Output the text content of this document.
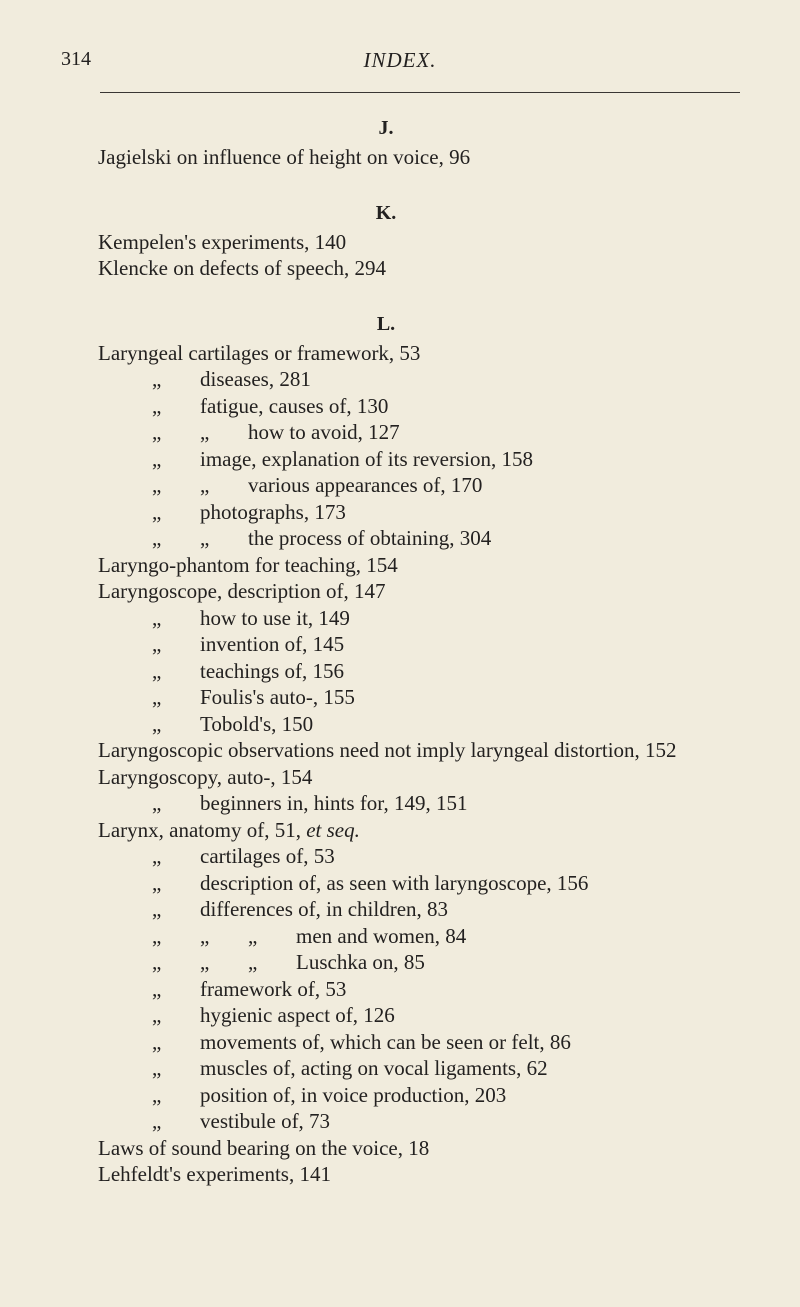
314	INDEX.
J.
Jagielski on influence of height on voice, 96
K.
Kempelen's experiments, 140
Klencke on defects of speech, 294
L.
Laryngeal cartilages or framework, 53
„ diseases, 281
„ fatigue, causes of, 130
„ „ how to avoid, 127
„ image, explanation of its reversion, 158
„ „ various appearances of, 170
„ photographs, 173
„ „ the process of obtaining, 304
Laryngo-phantom for teaching, 154
Laryngoscope, description of, 147
„ how to use it, 149
„ invention of, 145
„ teachings of, 156
„ Foulis's auto-, 155
„ Tobold's, 150
Laryngoscopic observations need not imply laryngeal distortion, 152
Laryngoscopy, auto-, 154
„ beginners in, hints for, 149, 151
Larynx, anatomy of, 51, et seq.
„ cartilages of, 53
„ description of, as seen with laryngoscope, 156
„ differences of, in children, 83
„ „ „ men and women, 84
„ „ „ Luschka on, 85
„ framework of, 53
„ hygienic aspect of, 126
„ movements of, which can be seen or felt, 86
„ muscles of, acting on vocal ligaments, 62
„ position of, in voice production, 203
„ vestibule of, 73
Laws of sound bearing on the voice, 18
Lehfeldt's experiments, 141
